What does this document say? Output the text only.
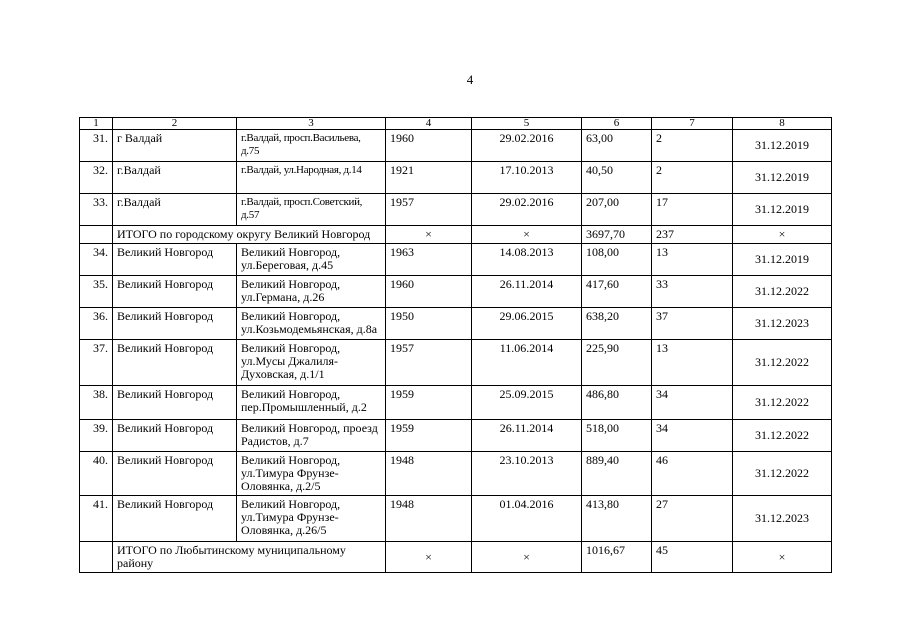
4
1	2	3	4	5	6	7	8
31.	г Валдай	г.Валдай, просп.Васильева, д.75	1960	29.02.2016	63,00	2	31.12.2019
32.	г.Валдай	г.Валдай, ул.Народная, д.14	1921	17.10.2013	40,50	2	31.12.2019
33.	г.Валдай	г.Валдай, просп.Советский, д.57	1957	29.02.2016	207,00	17	31.12.2019
	ИТОГО по городскому округу Великий Новгород		×	×	3697,70	237	×
34.	Великий Новгород	Великий Новгород, ул.Береговая, д.45	1963	14.08.2013	108,00	13	31.12.2019
35.	Великий Новгород	Великий Новгород, ул.Германа, д.26	1960	26.11.2014	417,60	33	31.12.2022
36.	Великий Новгород	Великий Новгород, ул.Козьмодемьянская, д.8а	1950	29.06.2015	638,20	37	31.12.2023
37.	Великий Новгород	Великий Новгород, ул.Мусы Джалиля-Духовская, д.1/1	1957	11.06.2014	225,90	13	31.12.2022
38.	Великий Новгород	Великий Новгород, пер.Промышленный, д.2	1959	25.09.2015	486,80	34	31.12.2022
39.	Великий Новгород	Великий Новгород, проезд Радистов, д.7	1959	26.11.2014	518,00	34	31.12.2022
40.	Великий Новгород	Великий Новгород, ул.Тимура Фрунзе-Оловянка, д.2/5	1948	23.10.2013	889,40	46	31.12.2022
41.	Великий Новгород	Великий Новгород, ул.Тимура Фрунзе-Оловянка, д.26/5	1948	01.04.2016	413,80	27	31.12.2023
	ИТОГО по Любытинскому муниципальному району		×	×	1016,67	45	×
